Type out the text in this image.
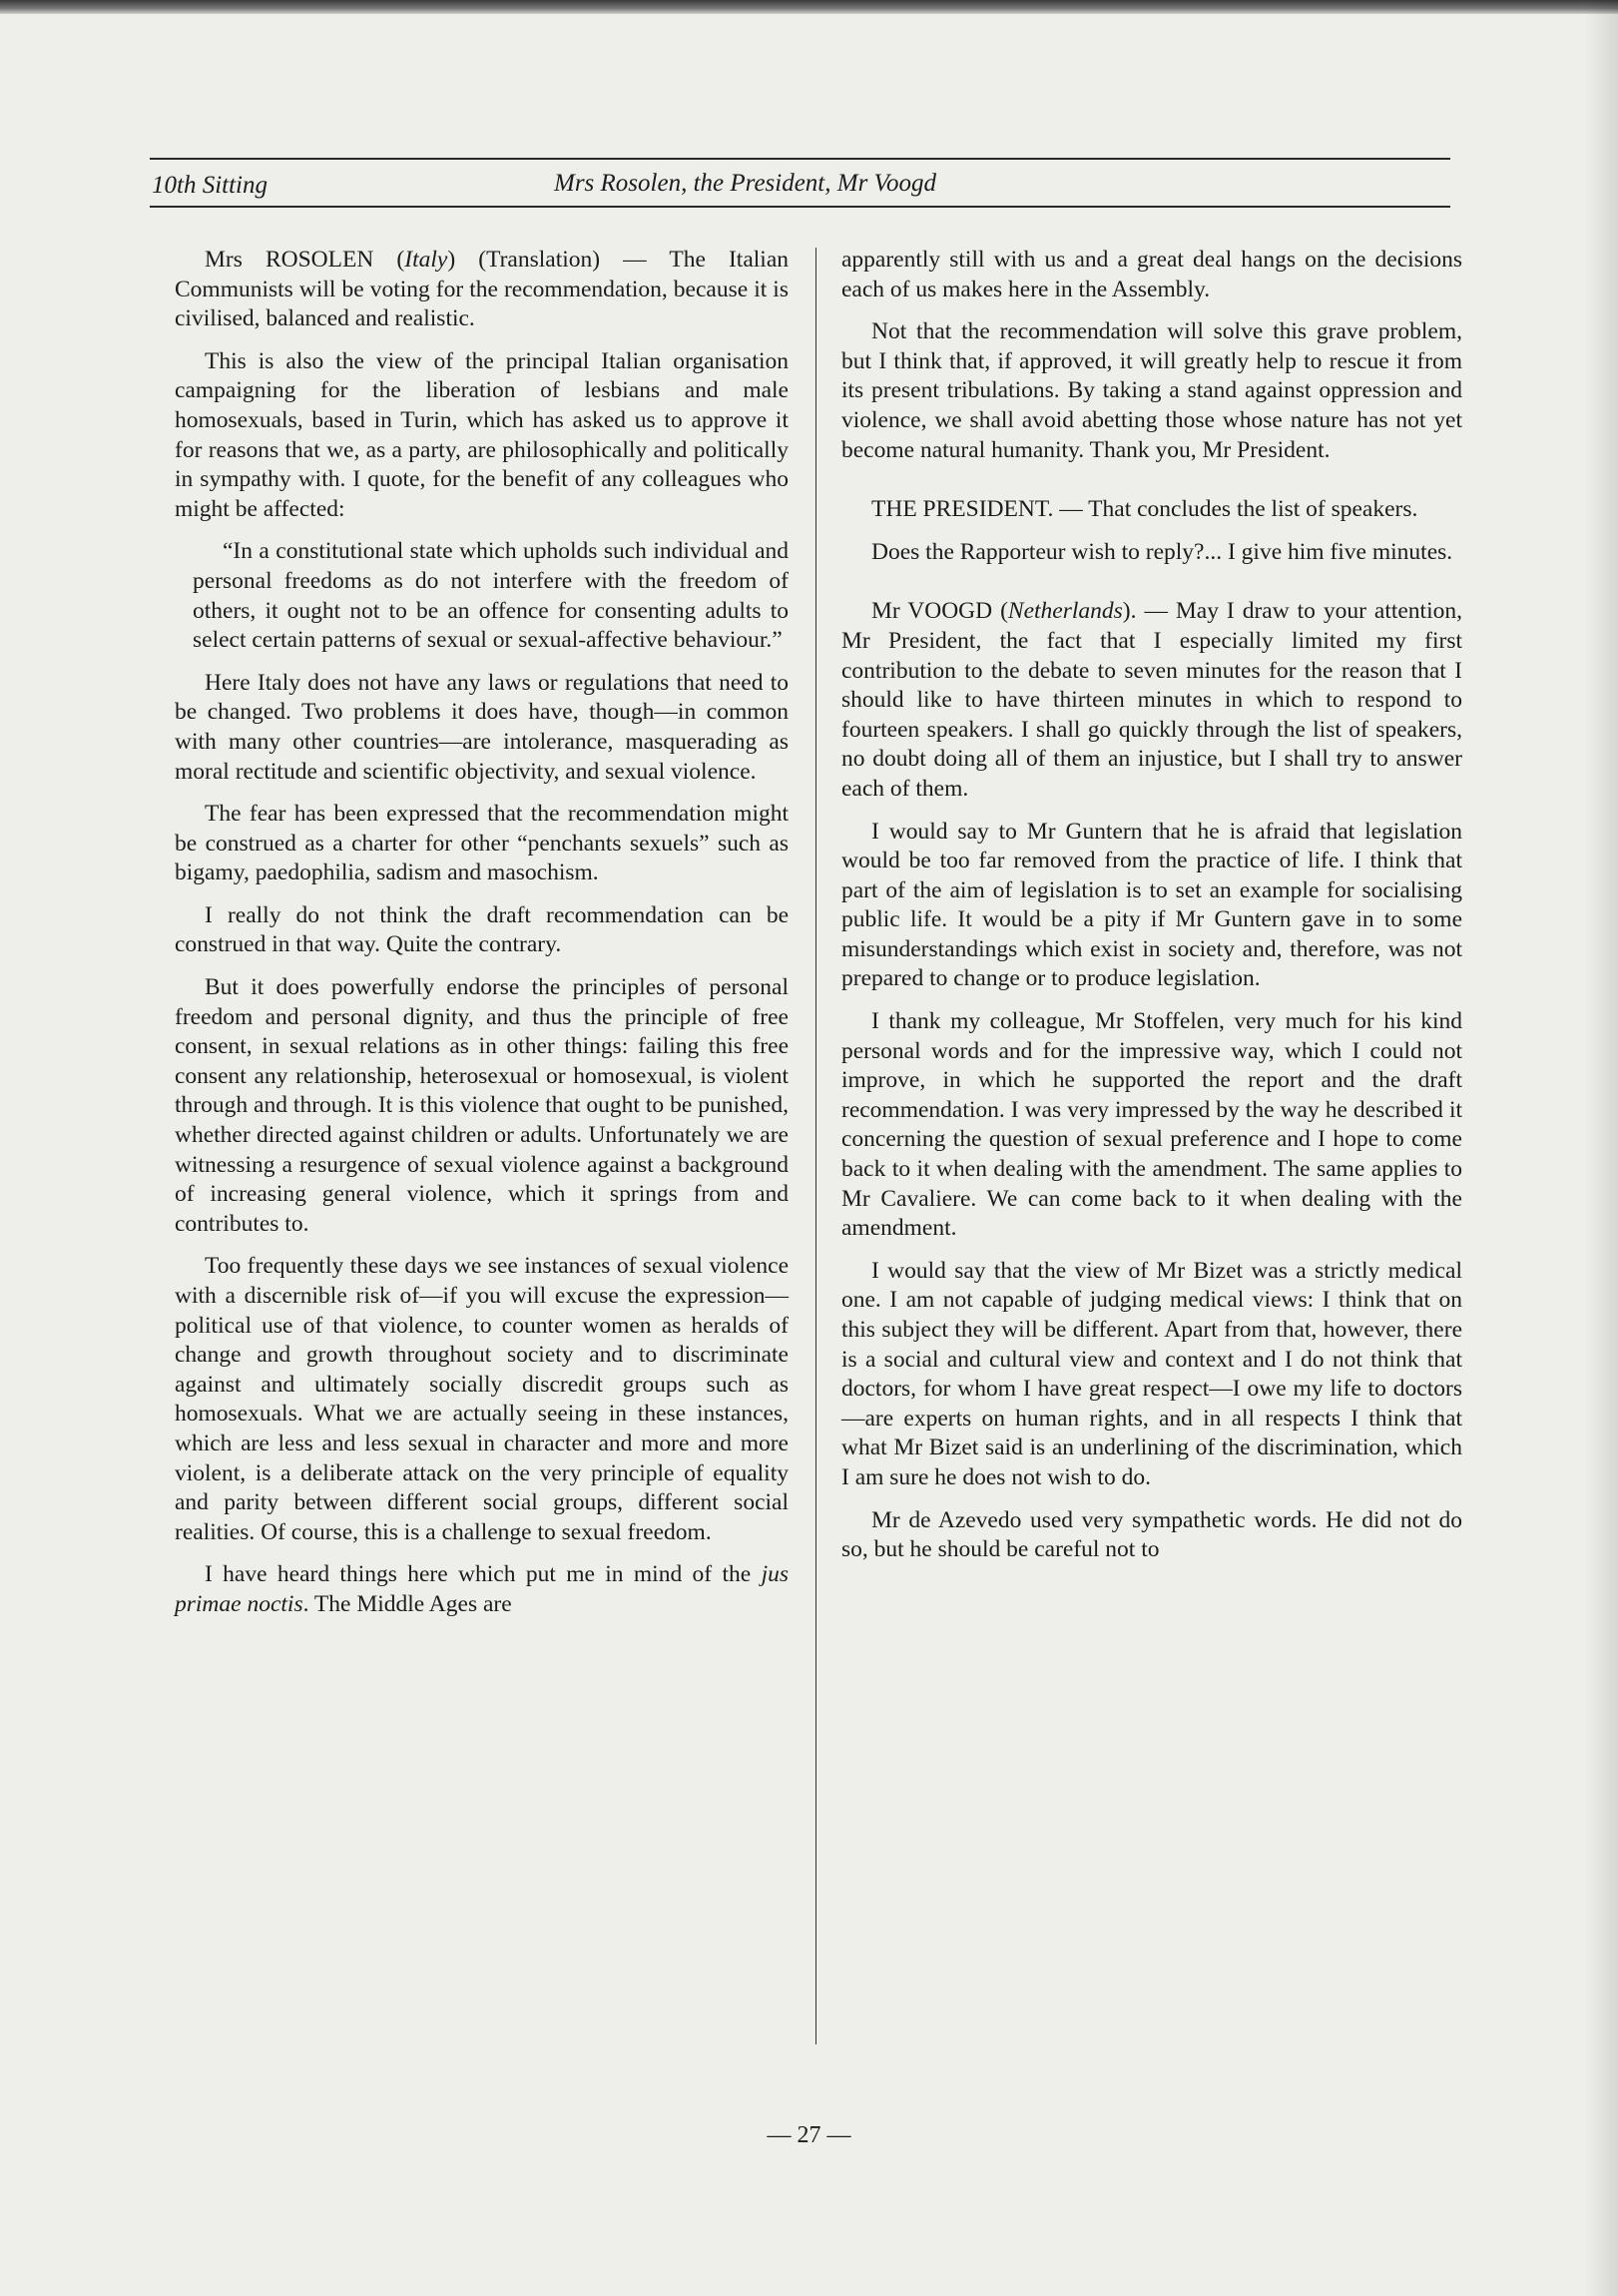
10th Sitting	Mrs Rosolen, the President, Mr Voogd

Mrs ROSOLEN (Italy) (Translation) — The Italian Communists will be voting for the recommendation, because it is civilised, balanced and realistic.

This is also the view of the principal Italian organisation campaigning for the liberation of lesbians and male homosexuals, based in Turin, which has asked us to approve it for reasons that we, as a party, are philosophically and politically in sympathy with. I quote, for the benefit of any colleagues who might be affected:

“In a constitutional state which upholds such individual and personal freedoms as do not interfere with the freedom of others, it ought not to be an offence for consenting adults to select certain patterns of sexual or sexual-affective behaviour.”

Here Italy does not have any laws or regulations that need to be changed. Two problems it does have, though—in common with many other countries—are intolerance, masquerading as moral rectitude and scientific objectivity, and sexual violence.

The fear has been expressed that the recommendation might be construed as a charter for other “penchants sexuels” such as bigamy, paedophilia, sadism and masochism.

I really do not think the draft recommendation can be construed in that way. Quite the contrary.

But it does powerfully endorse the principles of personal freedom and personal dignity, and thus the principle of free consent, in sexual relations as in other things: failing this free consent any relationship, heterosexual or homosexual, is violent through and through. It is this violence that ought to be punished, whether directed against children or adults. Unfortunately we are witnessing a resurgence of sexual violence against a background of increasing general violence, which it springs from and contributes to.

Too frequently these days we see instances of sexual violence with a discernible risk of—if you will excuse the expression—political use of that violence, to counter women as heralds of change and growth throughout society and to discriminate against and ultimately socially discredit groups such as homosexuals. What we are actually seeing in these instances, which are less and less sexual in character and more and more violent, is a deliberate attack on the very principle of equality and parity between different social groups, different social realities. Of course, this is a challenge to sexual freedom.

I have heard things here which put me in mind of the jus primae noctis. The Middle Ages are

apparently still with us and a great deal hangs on the decisions each of us makes here in the Assembly.

Not that the recommendation will solve this grave problem, but I think that, if approved, it will greatly help to rescue it from its present tribulations. By taking a stand against oppression and violence, we shall avoid abetting those whose nature has not yet become natural humanity. Thank you, Mr President.

THE PRESIDENT. — That concludes the list of speakers.

Does the Rapporteur wish to reply?... I give him five minutes.

Mr VOOGD (Netherlands). — May I draw to your attention, Mr President, the fact that I especially limited my first contribution to the debate to seven minutes for the reason that I should like to have thirteen minutes in which to respond to fourteen speakers. I shall go quickly through the list of speakers, no doubt doing all of them an injustice, but I shall try to answer each of them.

I would say to Mr Guntern that he is afraid that legislation would be too far removed from the practice of life. I think that part of the aim of legislation is to set an example for socialising public life. It would be a pity if Mr Guntern gave in to some misunderstandings which exist in society and, therefore, was not prepared to change or to produce legislation.

I thank my colleague, Mr Stoffelen, very much for his kind personal words and for the impressive way, which I could not improve, in which he supported the report and the draft recommendation. I was very impressed by the way he described it concerning the question of sexual preference and I hope to come back to it when dealing with the amendment. The same applies to Mr Cavaliere. We can come back to it when dealing with the amendment.

I would say that the view of Mr Bizet was a strictly medical one. I am not capable of judging medical views: I think that on this subject they will be different. Apart from that, however, there is a social and cultural view and context and I do not think that doctors, for whom I have great respect—I owe my life to doctors—are experts on human rights, and in all respects I think that what Mr Bizet said is an underlining of the discrimination, which I am sure he does not wish to do.

Mr de Azevedo used very sympathetic words. He did not do so, but he should be careful not to

— 27 —
